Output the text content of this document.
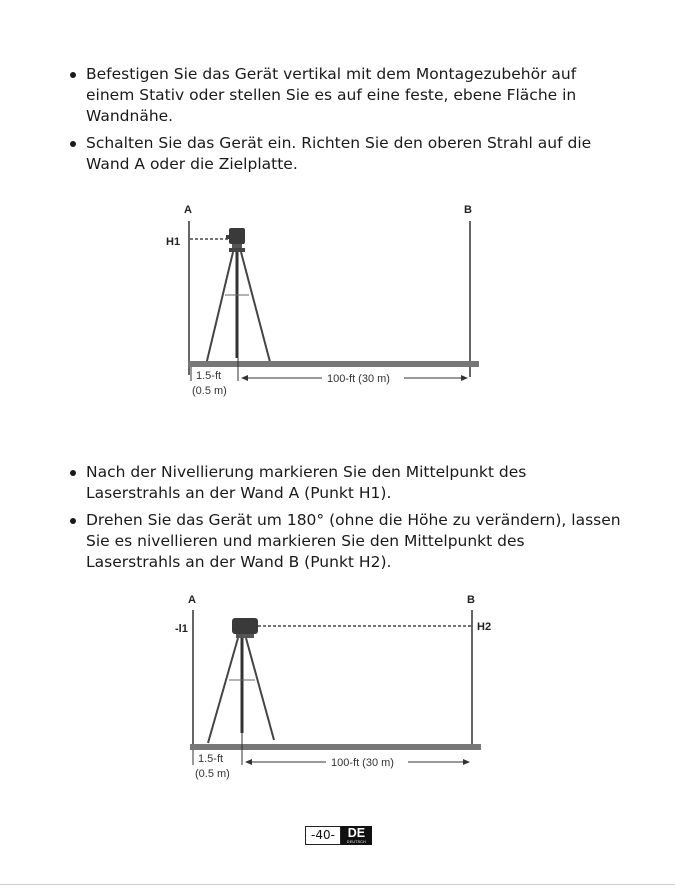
Befestigen Sie das Gerät vertikal mit dem Montagezubehör auf
einem Stativ oder stellen Sie es auf eine feste, ebene Fläche in
Wandnähe.
Schalten Sie das Gerät ein. Richten Sie den oberen Strahl auf die
Wand A oder die Zielplatte.
A	B
H1
1.5-ft
(0.5 m)
100-ft (30 m)
Nach der Nivellierung markieren Sie den Mittelpunkt des
Laserstrahls an der Wand A (Punkt H1).
Drehen Sie das Gerät um 180° (ohne die Höhe zu verändern), lassen
Sie es nivellieren und markieren Sie den Mittelpunkt des
Laserstrahls an der Wand B (Punkt H2).
A	B
-l1	H2
1.5-ft
(0.5 m)
100-ft (30 m)
-40-	DE
DEUTSCH
